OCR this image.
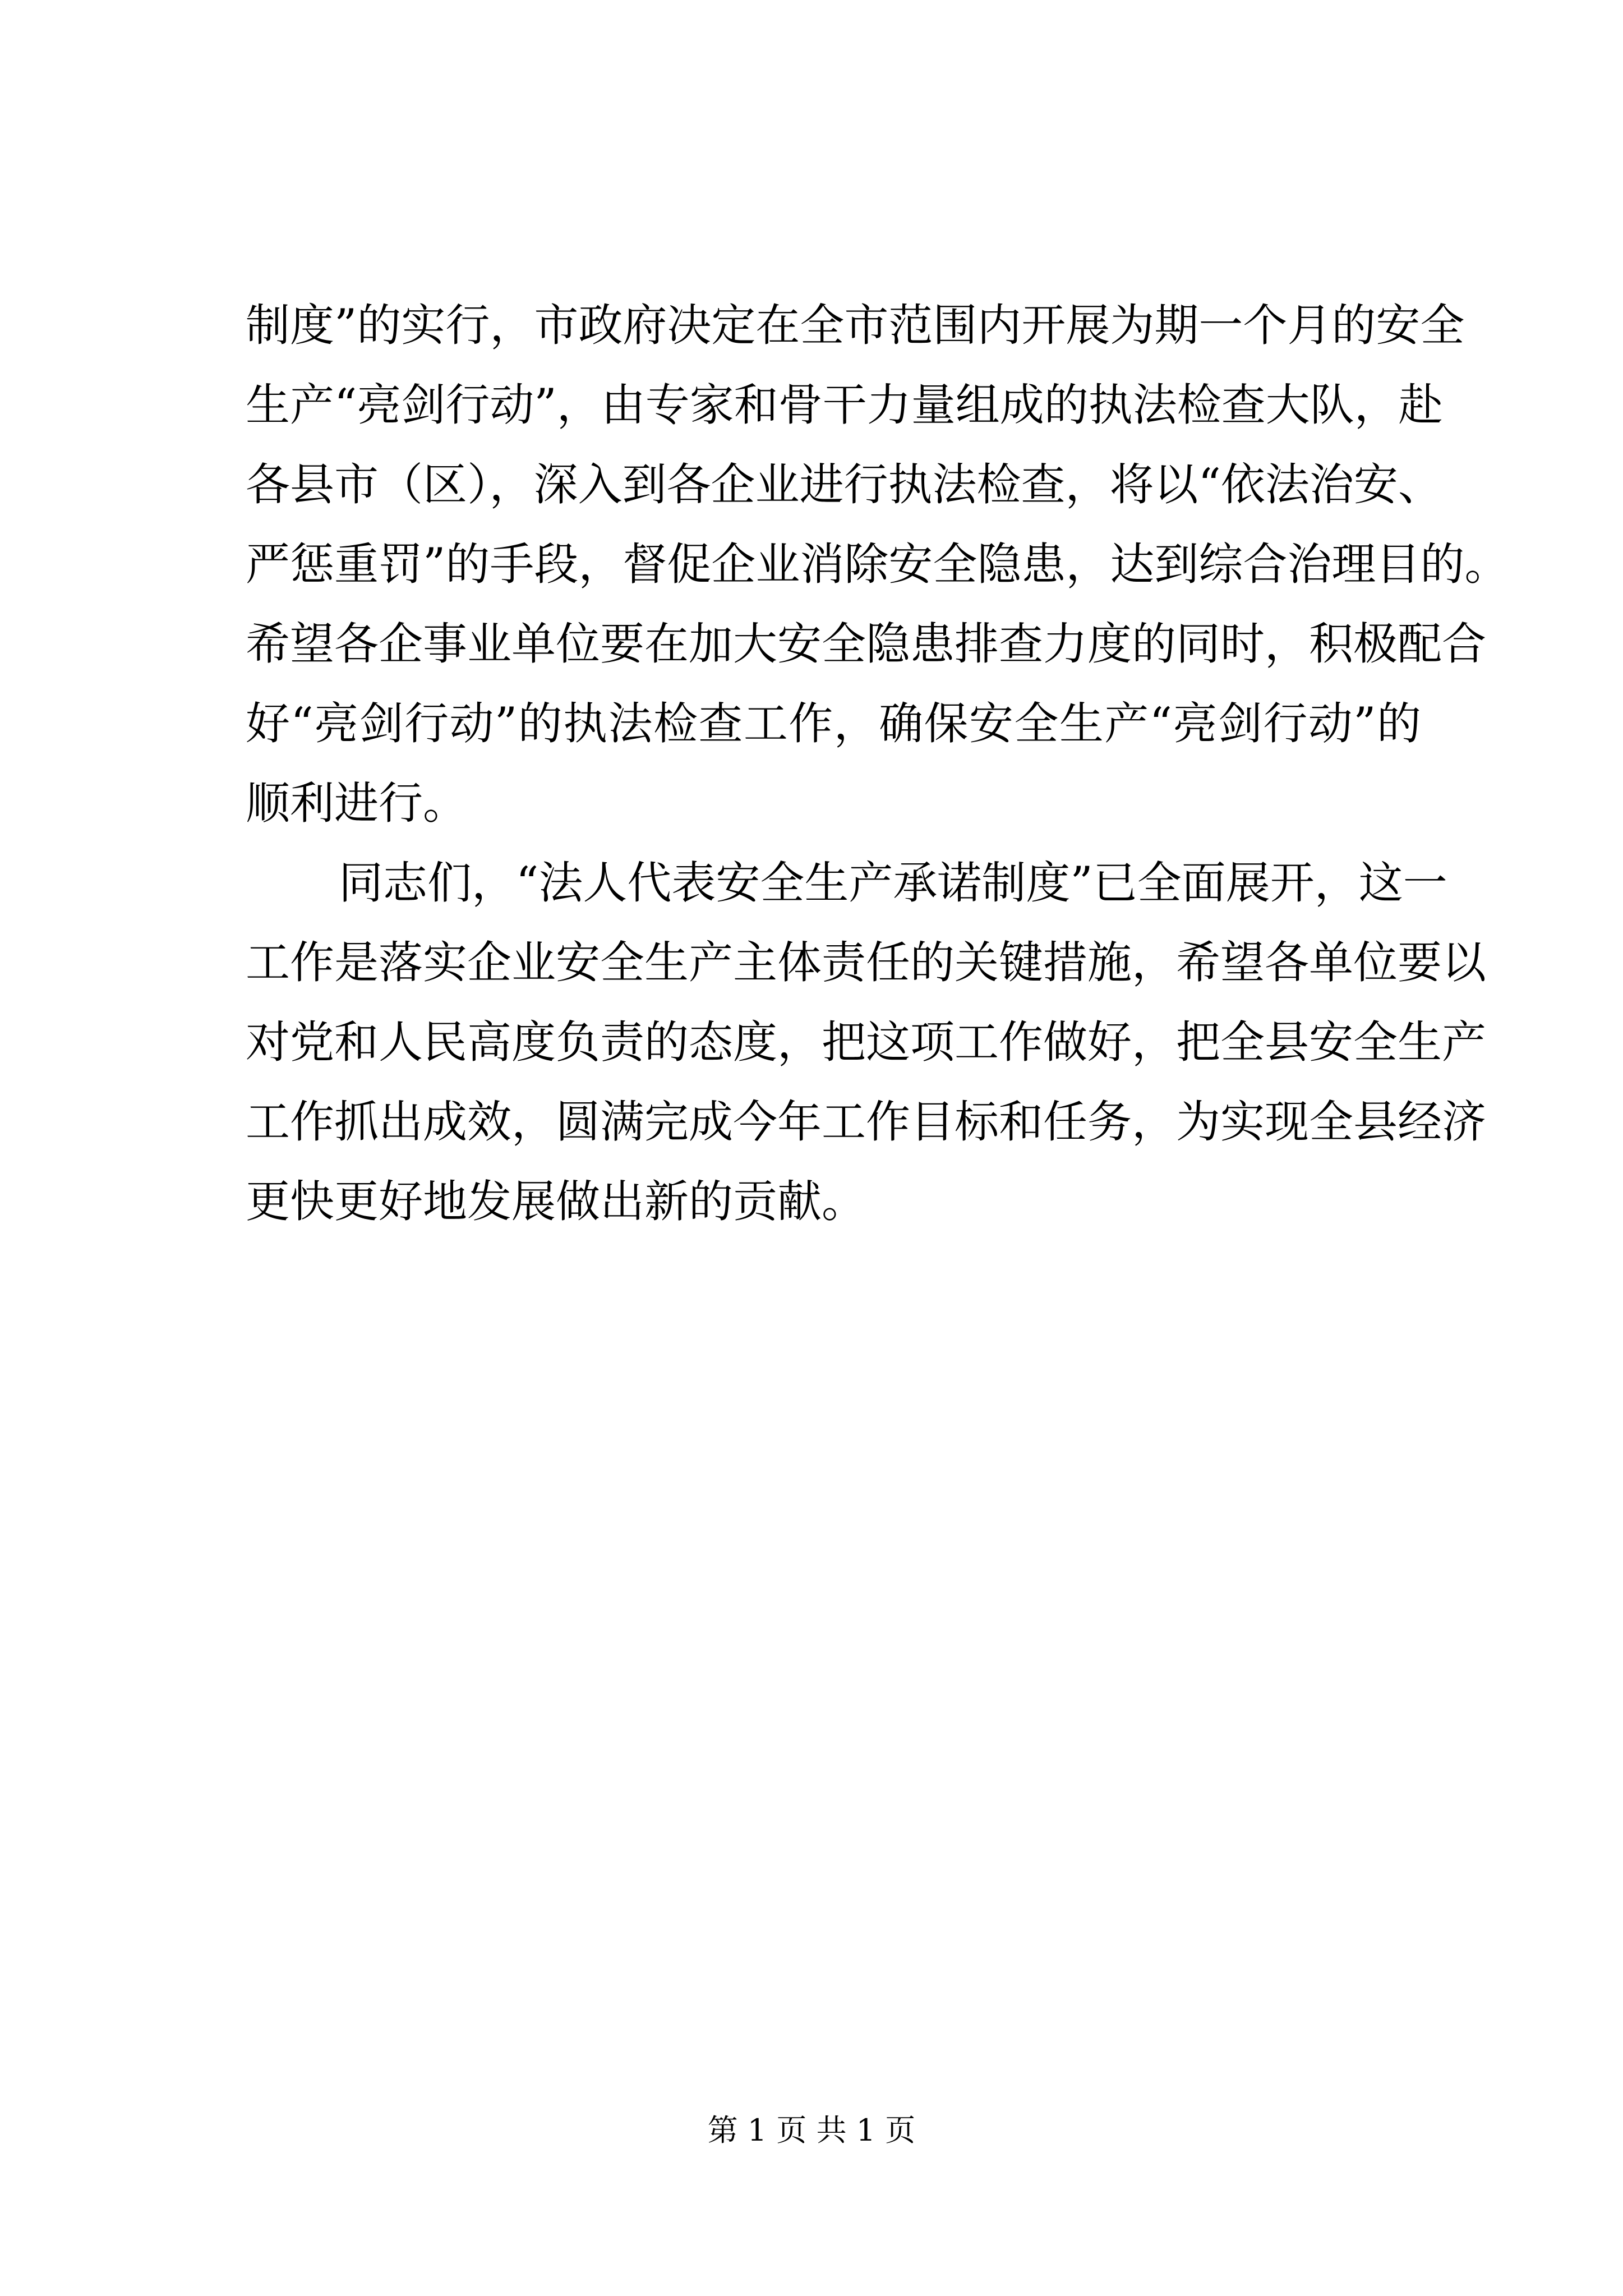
制度”的实行，市政府决定在全市范围内开展为期一个月的安全
生产“亮剑行动”，由专家和骨干力量组成的执法检查大队，赴
各县市（区），深入到各企业进行执法检查，将以“依法治安、
严惩重罚”的手段，督促企业消除安全隐患，达到综合治理目的。
希望各企事业单位要在加大安全隐患排查力度的同时，积极配合
好“亮剑行动”的执法检查工作，确保安全生产“亮剑行动”的
顺利进行。
同志们，“法人代表安全生产承诺制度”已全面展开，这一
工作是落实企业安全生产主体责任的关键措施，希望各单位要以
对党和人民高度负责的态度，把这项工作做好，把全县安全生产
工作抓出成效，圆满完成今年工作目标和任务，为实现全县经济
更快更好地发展做出新的贡献。
第 1 页 共 1 页
